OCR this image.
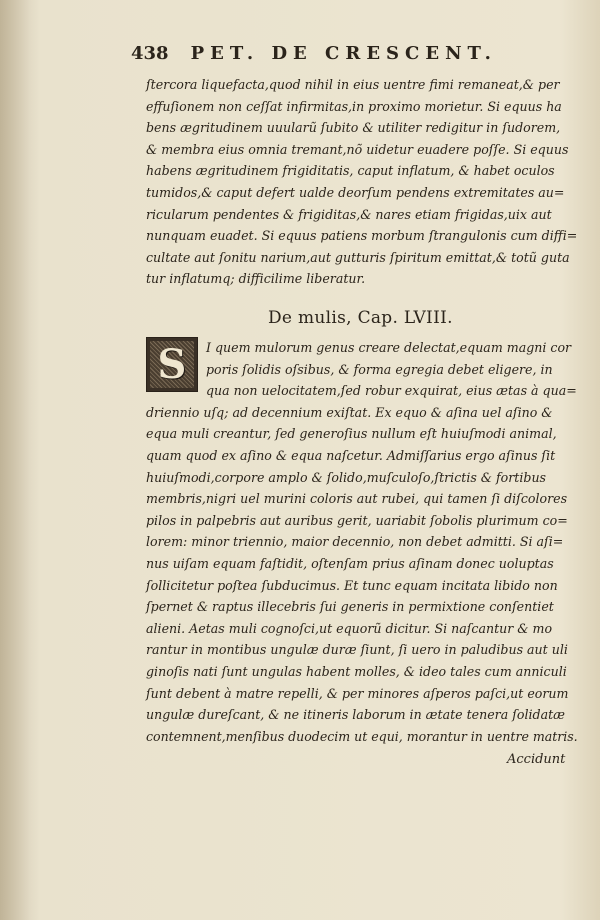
438 PET. DE CRESCENT.

ſtercora liquefacta,quod nihil in eius uentre fimi remaneat,& per

effuſionem non ceſſat infirmitas,in proximo morietur. Si equus ha

bens ægritudinem uuularũ ſubito & utiliter redigitur in ſudorem,

& membra eius omnia tremant,nõ uidetur euadere poſſe. Si equus

habens ægritudinem frigiditatis, caput inflatum, & habet oculos

tumidos,& caput defert ualde deorſum pendens extremitates au=

ricularum pendentes & frigiditas,& nares etiam frigidas,uix aut

nunquam euadet. Si equus patiens morbum ſtrangulonis cum diffi=

cultate aut ſonitu narium,aut gutturis ſpiritum emittat,& totũ guta

tur inflatumq; difficilime liberatur.

De mulis, Cap. LVIII.
S	I quem mulorum genus creare delectat,equam magni cor

poris ſolidis oſsibus, & forma egregia debet eligere, in

qua non uelocitatem,ſed robur exquirat, eius ætas à qua=

driennio uſq; ad decennium exiſtat. Ex equo & aſina uel aſino &

equa muli creantur, ſed generoſius nullum eſt huiuſmodi animal,

quam quod ex aſino & equa naſcetur. Admiſſarius ergo aſinus ſit

huiuſmodi,corpore amplo & ſolido,muſculoſo,ſtrictis & fortibus

membris,nigri uel murini coloris aut rubei, qui tamen ſi diſcolores

pilos in palpebris aut auribus gerit, uariabit ſobolis plurimum co=

lorem: minor triennio, maior decennio, non debet admitti. Si aſi=

nus uiſam equam faſtidit, oſtenſam prius aſinam donec uoluptas

ſollicitetur poſtea ſubducimus. Et tunc equam incitata libido non

ſpernet & raptus illecebris ſui generis in permixtione conſentiet

alieni. Aetas muli cognoſci,ut equorũ dicitur. Si naſcantur & mo

rantur in montibus ungulæ duræ ſiunt, ſi uero in paludibus aut uli

ginoſis nati ſunt ungulas habent molles, & ideo tales cum anniculi

ſunt debent à matre repelli, & per minores aſperos paſci,ut eorum

ungulæ dureſcant, & ne itineris laborum in ætate tenera ſolidatæ

contemnent,menſibus duodecim ut equi, morantur in uentre matris.

Accidunt
